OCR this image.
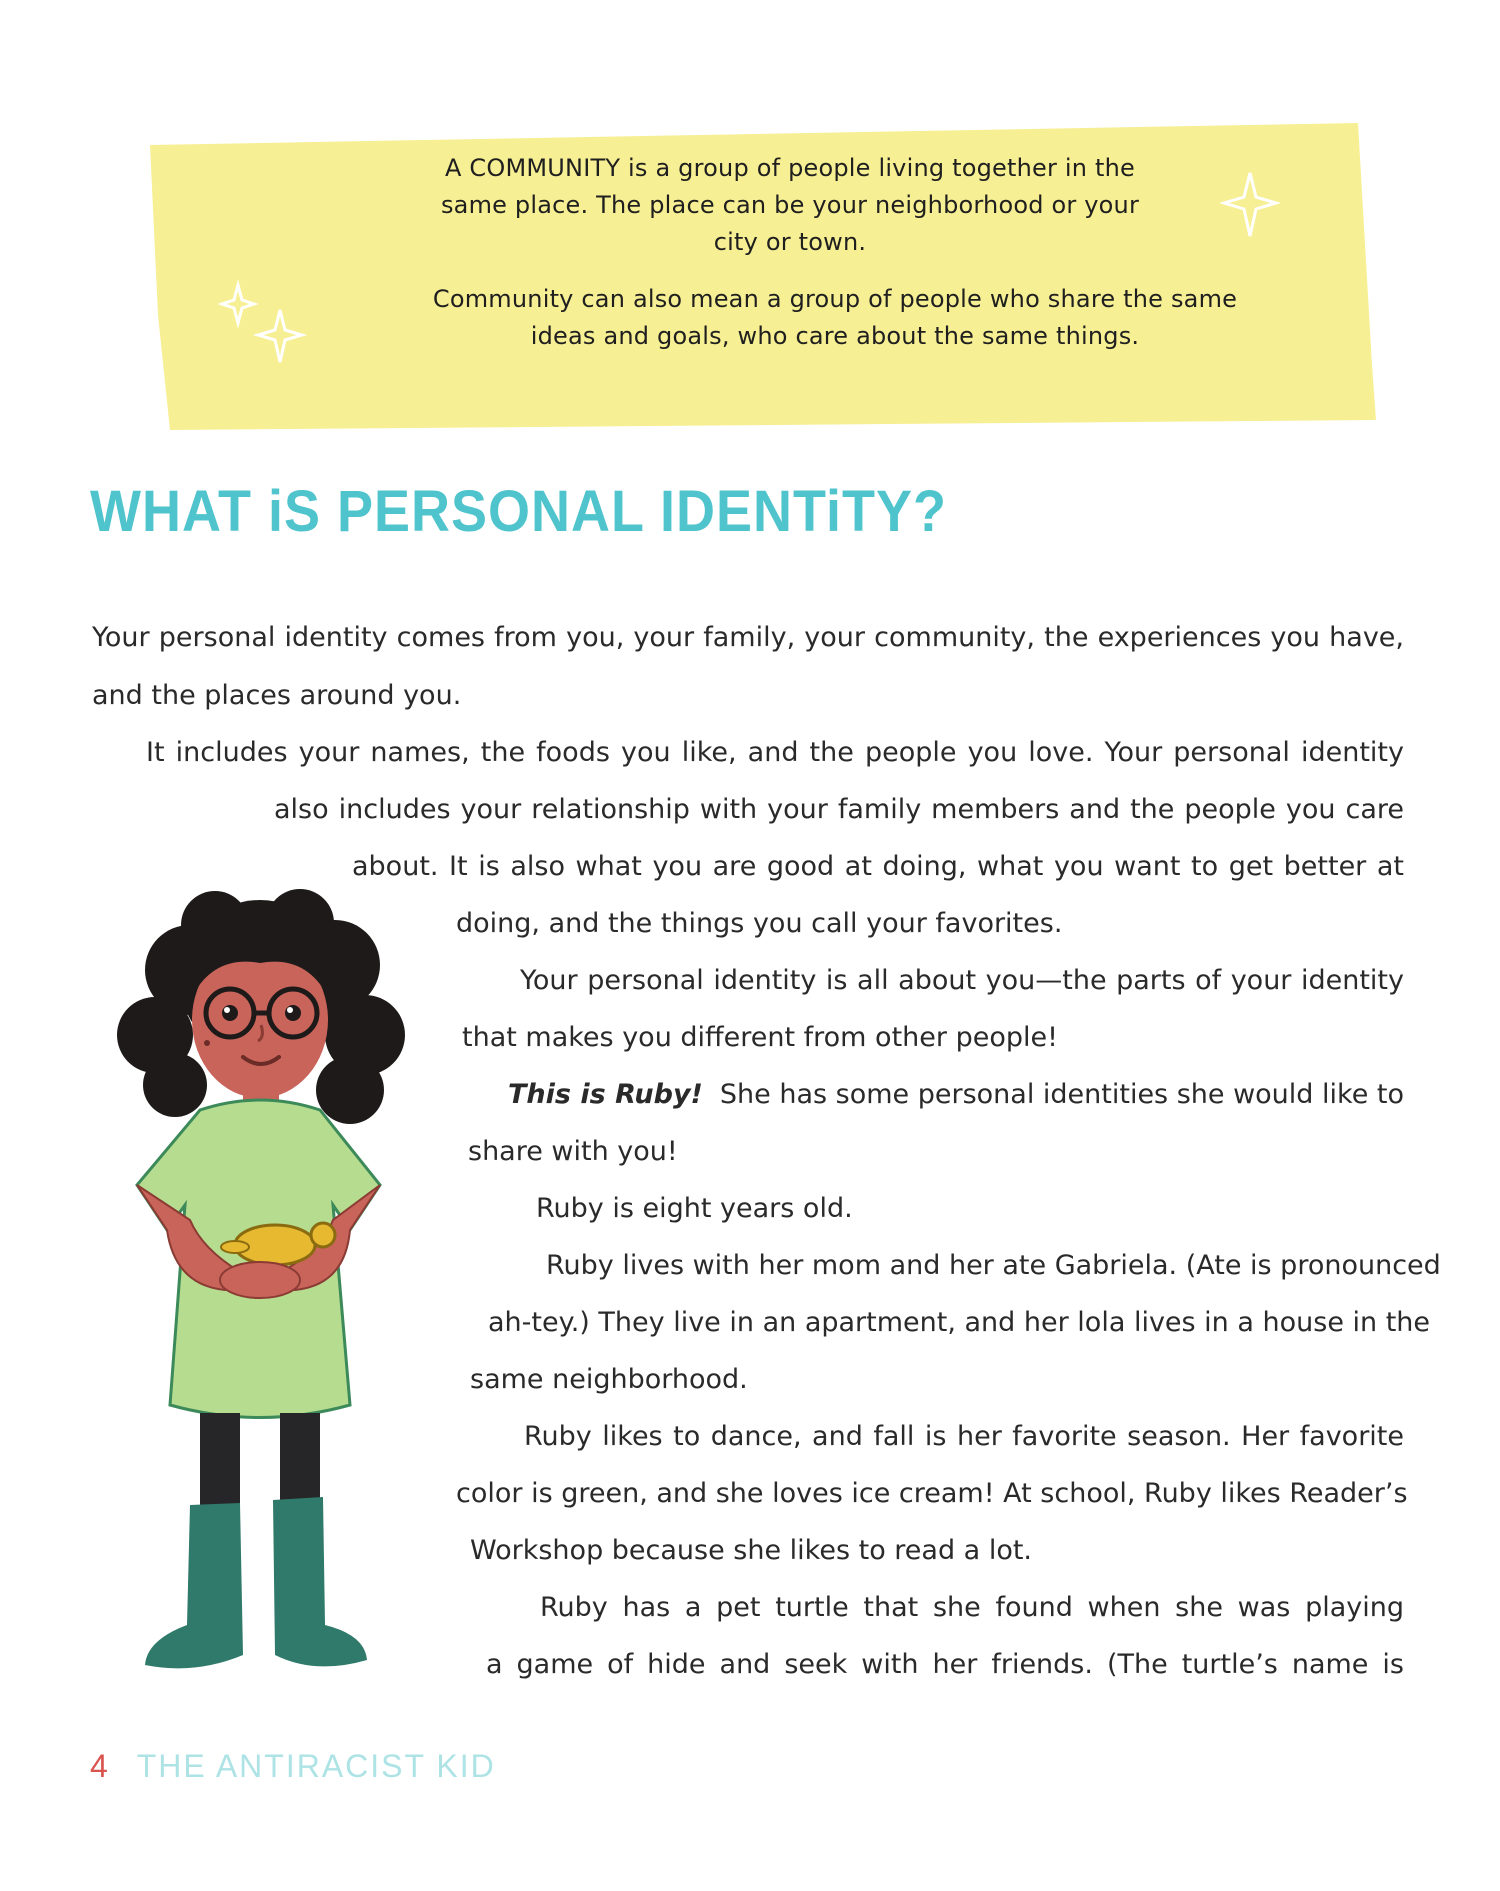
A COMMUNITY is a group of people living together in the same place. The place can be your neighborhood or your city or town.

Community can also mean a group of people who share the same ideas and goals, who care about the same things.

WHAT iS PERSONAL IDENTiTY?
Your personal identity comes from you, your family, your community, the experiences you have,
and the places around you.
It includes your names, the foods you like, and the people you love. Your personal identity
also includes your relationship with your family members and the people you care
about. It is also what you are good at doing, what you want to get better at
doing, and the things you call your favorites.
Your personal identity is all about you—the parts of your identity
that makes you different from other people!
This is Ruby! She has some personal identities she would like to
share with you!
Ruby is eight years old.
Ruby lives with her mom and her ate Gabriela. (Ate is pronounced
ah-tey.) They live in an apartment, and her lola lives in a house in the
same neighborhood.
Ruby likes to dance, and fall is her favorite season. Her favorite
color is green, and she loves ice cream! At school, Ruby likes Reader’s
Workshop because she likes to read a lot.
Ruby has a pet turtle that she found when she was playing
a game of hide and seek with her friends. (The turtle’s name is
4 THE ANTIRACIST KID
